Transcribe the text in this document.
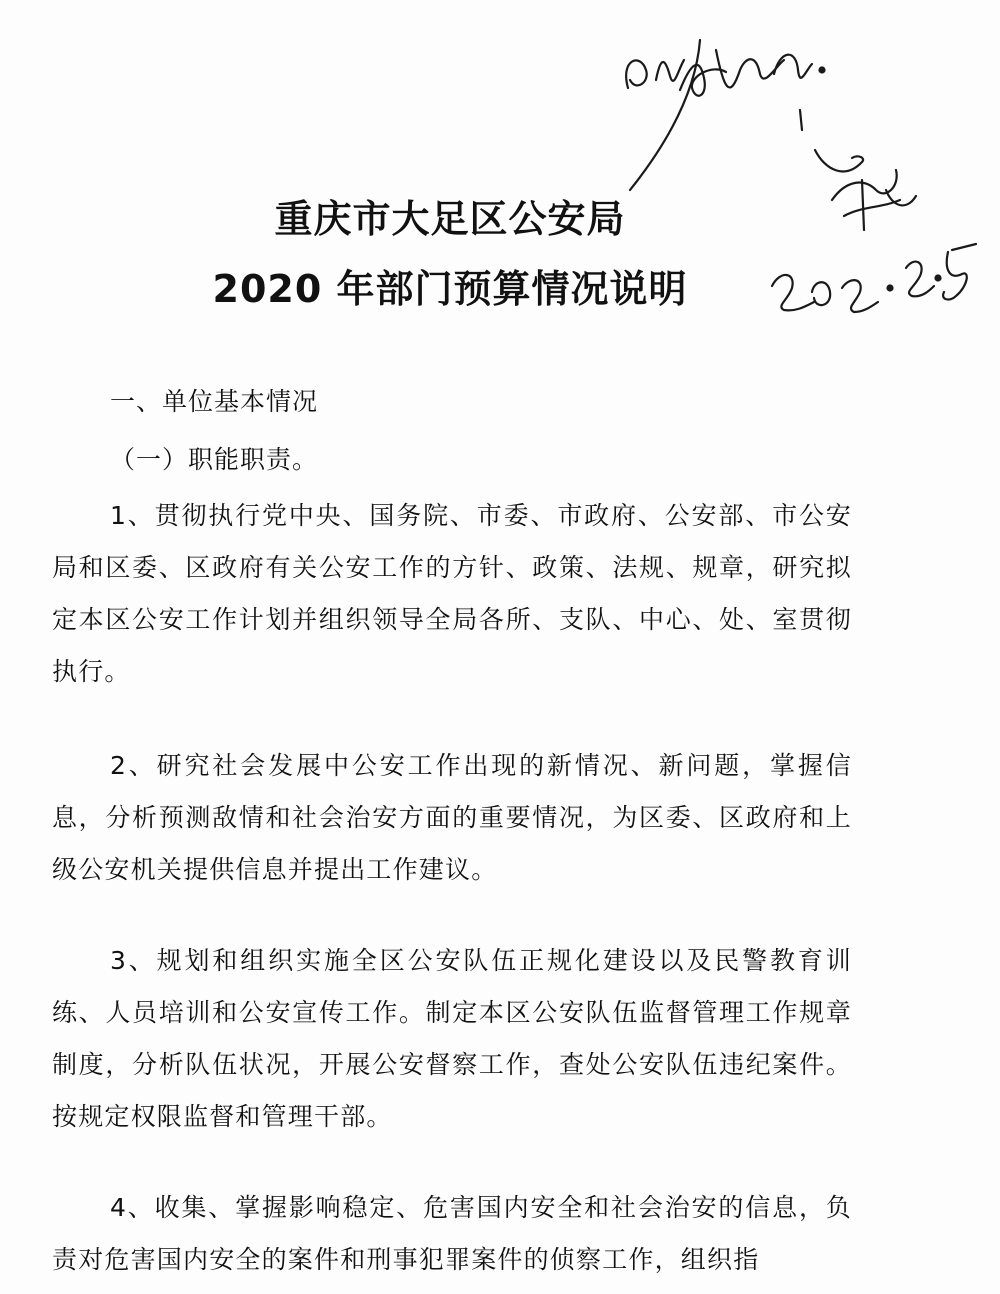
重庆市大足区公安局
2020 年部门预算情况说明

一、单位基本情况

（一）职能职责。

1、贯彻执行党中央、国务院、市委、市政府、公安部、市公安局和区委、区政府有关公安工作的方针、政策、法规、规章，研究拟定本区公安工作计划并组织领导全局各所、支队、中心、处、室贯彻执行。

2、研究社会发展中公安工作出现的新情况、新问题，掌握信息，分析预测敌情和社会治安方面的重要情况，为区委、区政府和上级公安机关提供信息并提出工作建议。

3、规划和组织实施全区公安队伍正规化建设以及民警教育训练、人员培训和公安宣传工作。制定本区公安队伍监督管理工作规章制度，分析队伍状况，开展公安督察工作，查处公安队伍违纪案件。按规定权限监督和管理干部。

4、收集、掌握影响稳定、危害国内安全和社会治安的信息，负责对危害国内安全的案件和刑事犯罪案件的侦察工作，组织指
